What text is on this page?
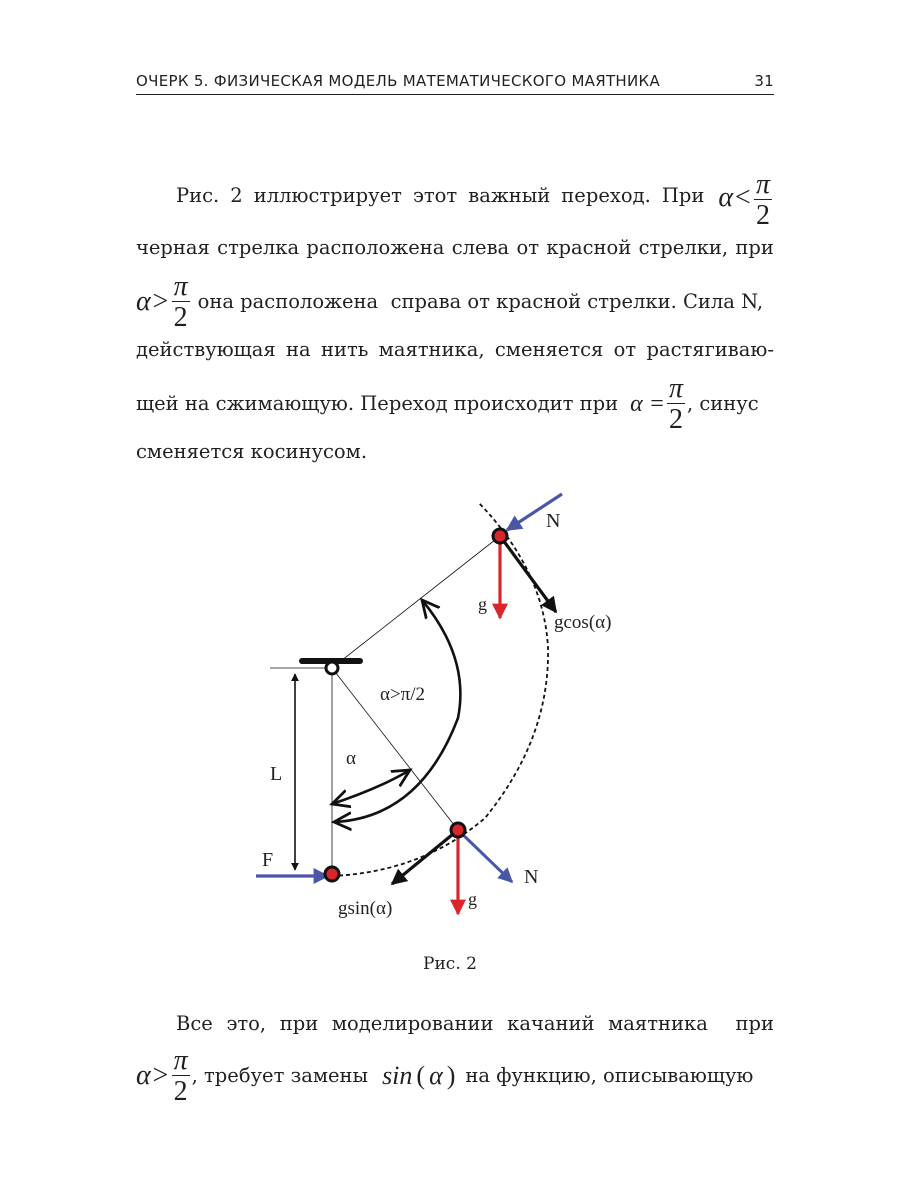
ОЧЕРК 5. ФИЗИЧЕСКАЯ МОДЕЛЬ МАТЕМАТИЧЕСКОГО МАЯТНИКА	31
Рис. 2 иллюстрирует этот важный переход. При $\alpha< \frac{\pi}{2}$
черная стрелка расположена слева от красной стрелки, при
$\alpha> \frac{\pi}{2}$ она расположена  справа от красной стрелки. Сила N,
действующая на нить маятника, сменяется от растягиваю-
щей на сжимающую. Переход происходит при $\alpha = \frac{\pi}{2}$ , синус
сменяется косинусом.
N
g
gcos(α)
α>π/2
α
L
F
N
gsin(α)	g
Рис. 2
Все это, при моделировании качаний маятника при
$\alpha> \frac{\pi}{2}$ , требует замены sin ( α ) на функцию, описывающую
